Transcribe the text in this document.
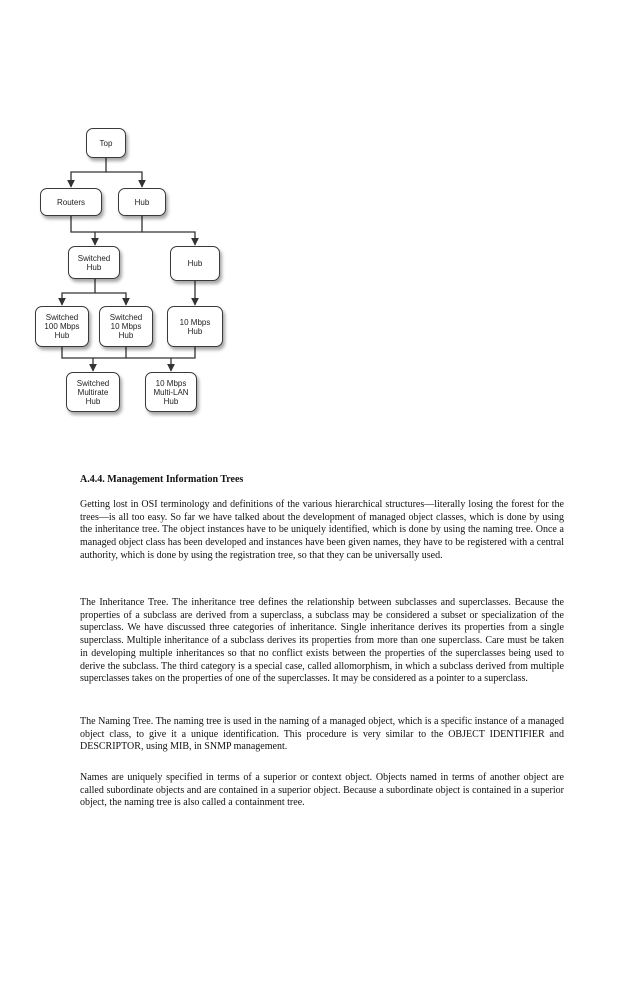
Top
Routers	Hub
Switched
Hub	Hub
Switched
100 Mbps
Hub
Switched
10 Mbps
Hub
10 Mbps
Hub
Switched
Multirate
Hub
10 Mbps
Multi-LAN
Hub
A.4.4. Management Information Trees

Getting lost in OSI terminology and definitions of the various hierarchical structures—literally losing the forest for the trees—is all too easy. So far we have talked about the development of managed object classes, which is done by using the inheritance tree. The object instances have to be uniquely identified, which is done by using the naming tree. Once a managed object class has been developed and instances have been given names, they have to be registered with a central authority, which is done by using the registration tree, so that they can be universally used.

The Inheritance Tree. The inheritance tree defines the relationship between subclasses and superclasses. Because the properties of a subclass are derived from a superclass, a subclass may be considered a subset or specialization of the superclass. We have discussed three categories of inheritance. Single inheritance derives its properties from a single superclass. Multiple inheritance of a subclass derives its properties from more than one superclass. Care must be taken in developing multiple inheritances so that no conflict exists between the properties of the superclasses being used to derive the subclass. The third category is a special case, called allomorphism, in which a subclass derived from multiple superclasses takes on the properties of one of the superclasses. It may be considered as a pointer to a superclass.

The Naming Tree. The naming tree is used in the naming of a managed object, which is a specific instance of a managed object class, to give it a unique identification. This procedure is very similar to the OBJECT IDENTIFIER and DESCRIPTOR, using MIB, in SNMP management.

Names are uniquely specified in terms of a superior or context object. Objects named in terms of another object are called subordinate objects and are contained in a superior object. Because a subordinate object is contained in a superior object, the naming tree is also called a containment tree.
